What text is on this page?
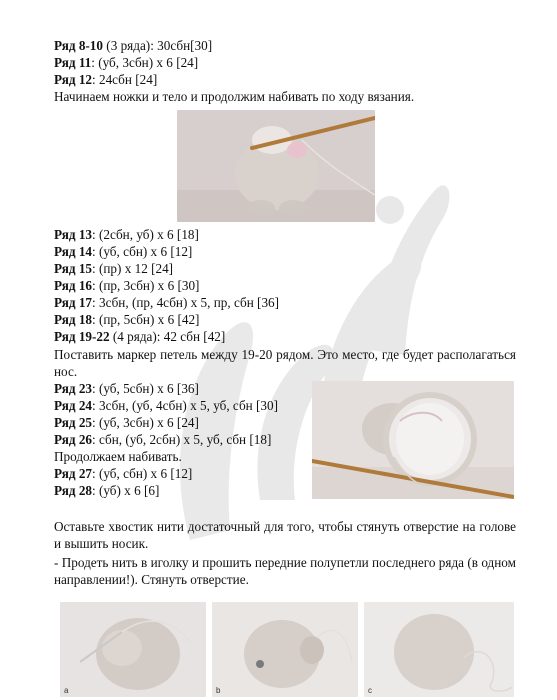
Ряд 8-10 (3 ряда): 30сбн[30]
Ряд 11: (уб, 3сбн) х 6 [24]
Ряд 12: 24сбн [24]
Начинаем ножки и тело и продолжим набивать по ходу вязания.
Ряд 13: (2сбн, уб) х 6 [18]
Ряд 14: (уб, сбн) х 6 [12]
Ряд 15: (пр) х 12 [24]
Ряд 16: (пр, 3сбн) х 6 [30]
Ряд 17: 3сбн, (пр, 4сбн) х 5, пр, сбн [36]
Ряд 18: (пр, 5сбн) х 6 [42]
Ряд 19-22 (4 ряда): 42 сбн [42]
Поставить маркер петель между 19-20 рядом. Это место, где будет располагаться нос.
Ряд 23: (уб, 5сбн) х 6 [36]
Ряд 24: 3сбн, (уб, 4сбн) х 5, уб, сбн [30]
Ряд 25: (уб, 3сбн) х 6 [24]
Ряд 26: сбн, (уб, 2сбн) х 5, уб, сбн [18]
Продолжаем набивать.
Ряд 27: (уб, сбн) х 6 [12]
Ряд 28: (уб) х 6 [6]
Оставьте хвостик нити достаточный для того, чтобы стянуть отверстие на голове и вышить носик.
- Продеть нить в иголку и прошить передние полупетли последнего ряда (в одном направлении!). Стянуть отверстие.
a	b	c
